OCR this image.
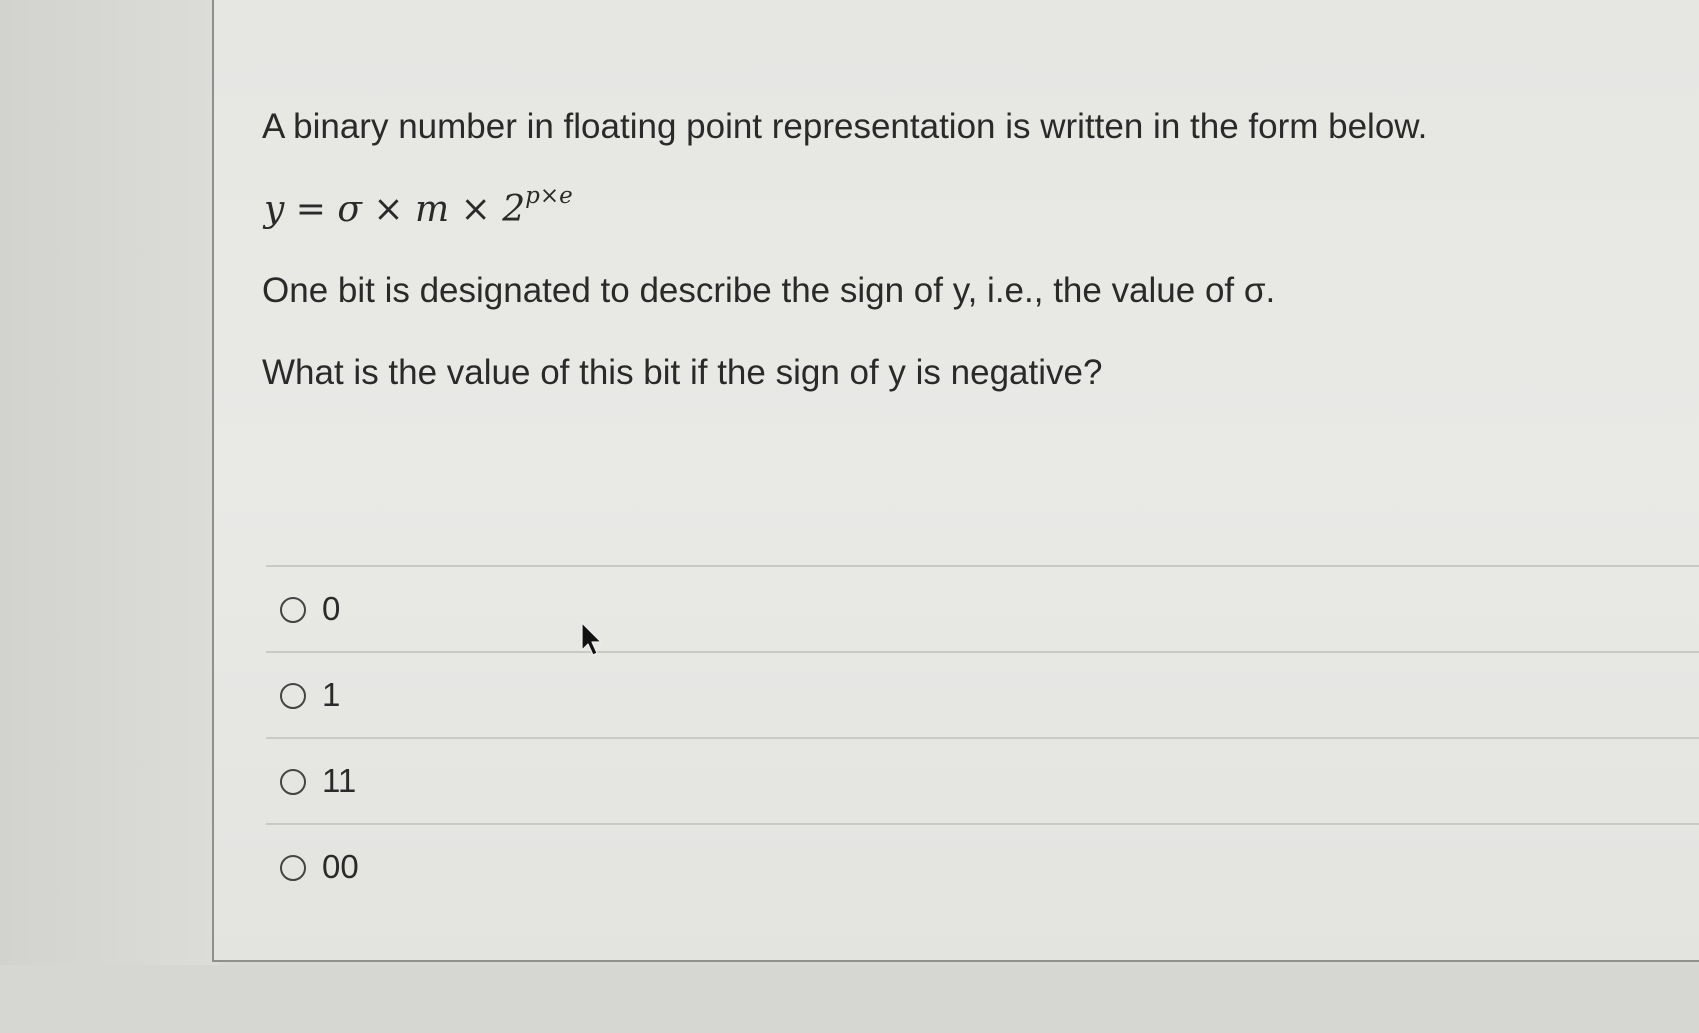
A binary number in floating point representation is written in the form below.
$y = \sigma \times m \times 2^{p\times e}$
One bit is designated to describe the sign of y, i.e., the value of σ.
What is the value of this bit if the sign of y is negative?
0
1
11
00
